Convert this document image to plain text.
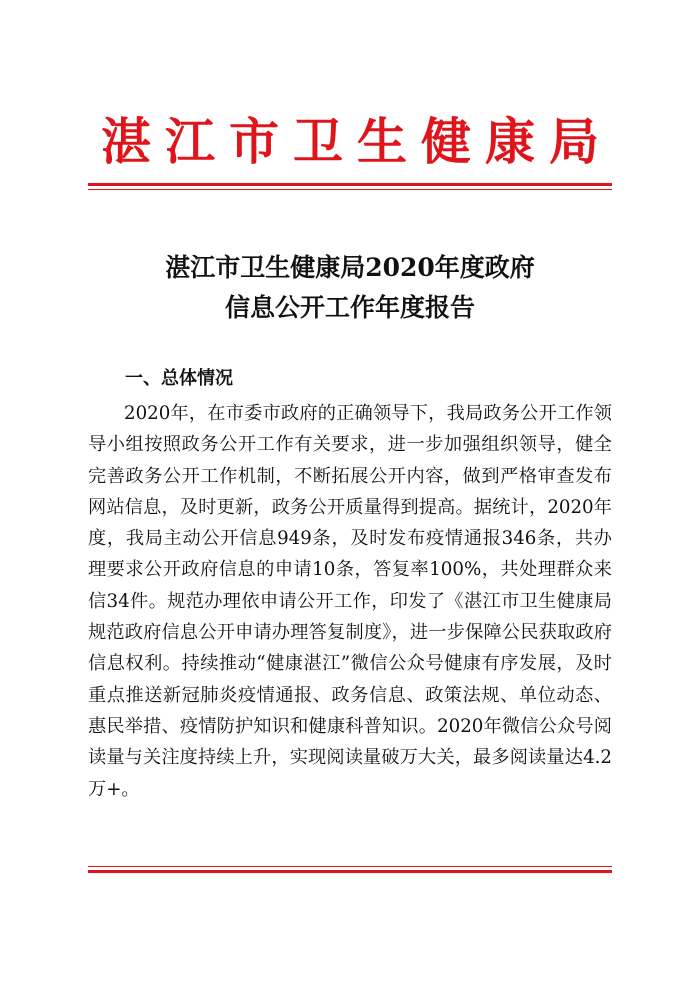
湛江市卫生健康局
湛江市卫生健康局2020年度政府
信息公开工作年度报告
一、总体情况

2020年，在市委市政府的正确领导下，我局政务公开工作领导小组按照政务公开工作有关要求，进一步加强组织领导，健全完善政务公开工作机制，不断拓展公开内容，做到严格审查发布网站信息，及时更新，政务公开质量得到提高。据统计，2020年度，我局主动公开信息949条，及时发布疫情通报346条，共办理要求公开政府信息的申请10条，答复率100%，共处理群众来信34件。规范办理依申请公开工作，印发了《湛江市卫生健康局规范政府信息公开申请办理答复制度》，进一步保障公民获取政府信息权利。持续推动“健康湛江”微信公众号健康有序发展，及时重点推送新冠肺炎疫情通报、政务信息、政策法规、单位动态、惠民举措、疫情防护知识和健康科普知识。2020年微信公众号阅读量与关注度持续上升，实现阅读量破万大关，最多阅读量达4.2万+。
